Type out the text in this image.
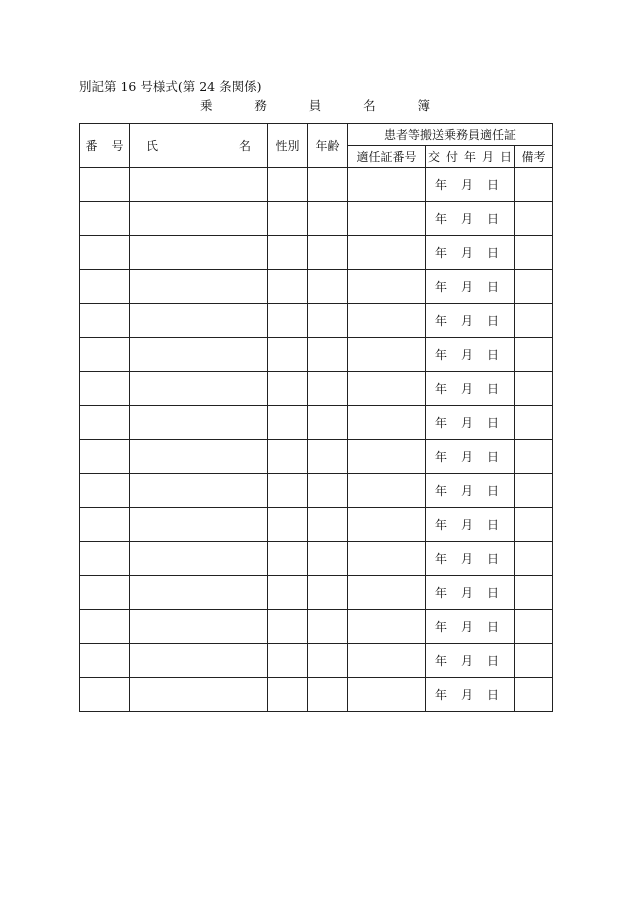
別記第 16 号様式(第 24 条関係)
乗	務	員	名	簿
番 号	氏 名	性別	年齢	患者等搬送乗務員適任証		
				適任証番号	交 付 年 月 日	備考

					年 月 日	

					年 月 日	

					年 月 日	

					年 月 日	

					年 月 日	

					年 月 日	

					年 月 日	

					年 月 日	

					年 月 日	

					年 月 日	

					年 月 日	

					年 月 日	

					年 月 日	

					年 月 日	

					年 月 日	

					年 月 日	
